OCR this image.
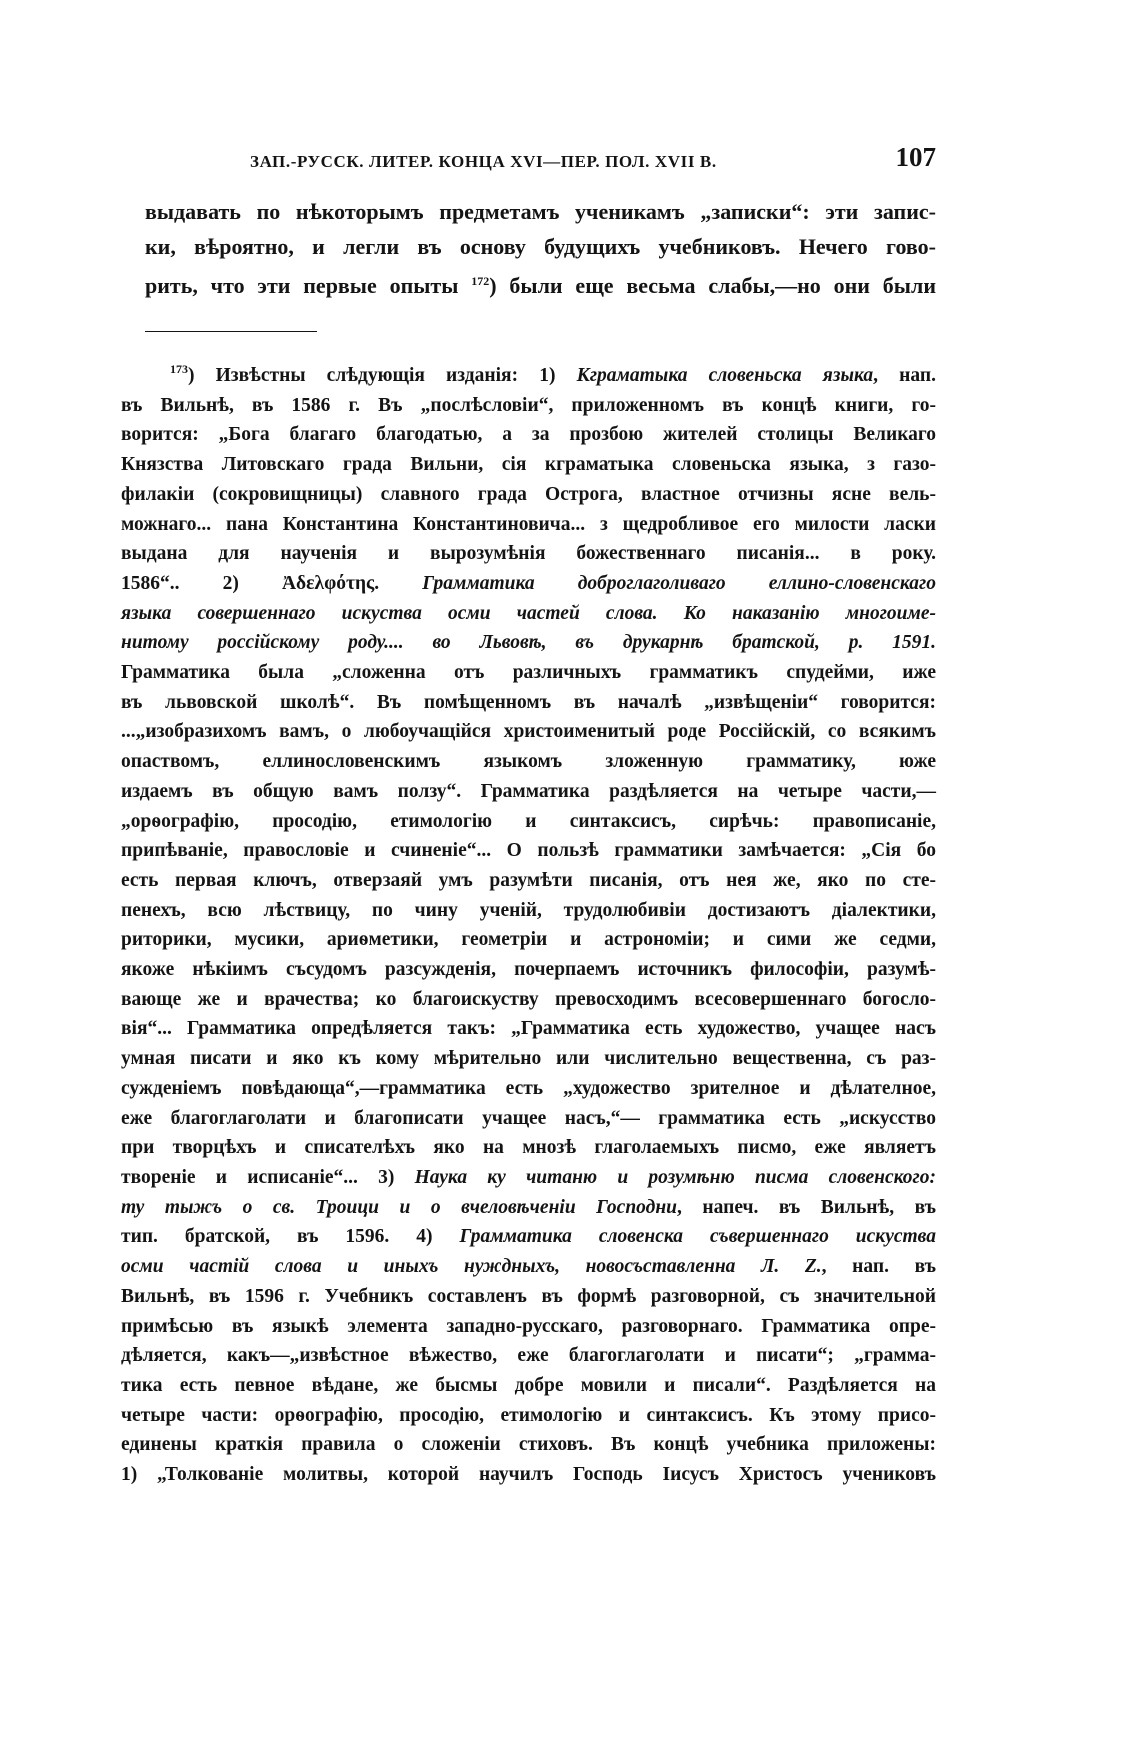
ЗАП.-РУССК. ЛИТЕР. КОНЦА XVI—ПЕР. ПОЛ. XVII В.	107
выдавать по нѣкоторымъ предметамъ ученикамъ „записки“: эти запис-
ки, вѣроятно, и легли въ основу будущихъ учебниковъ. Нечего гово-
рить, что эти первые опыты $^{172}$) были еще весьма слабы,—но они были
$^{173}$) Извѣстны слѣдующія изданія: 1) Кграматыка словеньска языка, нап.
въ Вильнѣ, въ 1586 г. Въ „послѣсловіи“, приложенномъ въ концѣ книги, го-
ворится: „Бога благаго благодатью, а за прозбою жителей столицы Великаго
Князства Литовскаго града Вильни, сія кграматыка словеньска языка, з газо-
филакіи (сокровищницы) славного града Острога, властное отчизны ясне вель-
можнаго... пана Константина Константиновича... з щедробливое его милости ласки
выдана для наученія и вырозумѣнія божественнаго писанія... в року.
1586“.. 2) Ἀδελφότης. Грамматика доброглаголиваго еллино-словенскаго
языка совершеннаго искуства осми частей слова. Ко наказанію многоиме-
нитому россійскому роду.... во Львовѣ, въ друкарнѣ братской, р. 1591.
Грамматика была „сложенна отъ различныхъ грамматикъ спудейми, иже
въ львовской школѣ“. Въ помѣщенномъ въ началѣ „извѣщеніи“ говорится:
...„изобразихомъ вамъ, о любоучащійся христоименитый роде Россійскій, со всякимъ
опаствомъ, еллинословенскимъ языкомъ зложенную грамматику, юже
издаемъ въ общую вамъ ползу“. Грамматика раздѣляется на четыре части,—
„орѳографію, просодію, етимологію и синтаксисъ, сирѣчь: правописаніе,
припѣваніе, правословіе и счиненіе“... О пользѣ грамматики замѣчается: „Сія бо
есть первая ключъ, отверзаяй умъ разумѣти писанія, отъ нея же, яко по сте-
пенехъ, всю лѣствицу, по чину ученій, трудолюбивіи достизаютъ діалектики,
риторики, мусики, ариѳметики, геометріи и астрономіи; и сими же седми,
якоже нѣкіимъ съсудомъ разсужденія, почерпаемъ источникъ философіи, разумѣ-
вающе же и врачества; ко благоискуству превосходимъ всесовершеннаго богосло-
вія“... Грамматика опредѣляется такъ: „Грамматика есть художество, учащее насъ
умная писати и яко къ кому мѣрительно или числительно вещественна, съ раз-
сужденіемъ повѣдающа“,—грамматика есть „художество зрителное и дѣлателное,
еже благоглаголати и благописати учащее насъ,“— грамматика есть „искусство
при творцѣхъ и списателѣхъ яко на мнозѣ глаголаемыхъ писмо, еже являетъ
твореніе и исписаніе“... 3) Наука ку читаню и розумѣню писма словенского:
ту тыжъ о св. Троици и о вчеловѣченіи Господни, напеч. въ Вильнѣ, въ
тип. братской, въ 1596. 4) Грамматика словенска съвершеннаго искуства
осми частій слова и иныхъ нуждныхъ, новосъставленна Л. Z., нап. въ
Вильнѣ, въ 1596 г. Учебникъ составленъ въ формѣ разговорной, съ значительной
примѣсью въ языкѣ элемента западно-русскаго, разговорнаго. Грамматика опре-
дѣляется, какъ—„извѣстное вѣжество, еже благоглаголати и писати“; „грамма-
тика есть певное вѣдане, же бысмы добре мовили и писали“. Раздѣляется на
четыре части: орѳографію, просодію, етимологію и синтаксисъ. Къ этому присо-
единены краткія правила о сложеніи стиховъ. Въ концѣ учебника приложены:
1) „Толкованіе молитвы, которой научилъ Господь Іисусъ Христосъ учениковъ
